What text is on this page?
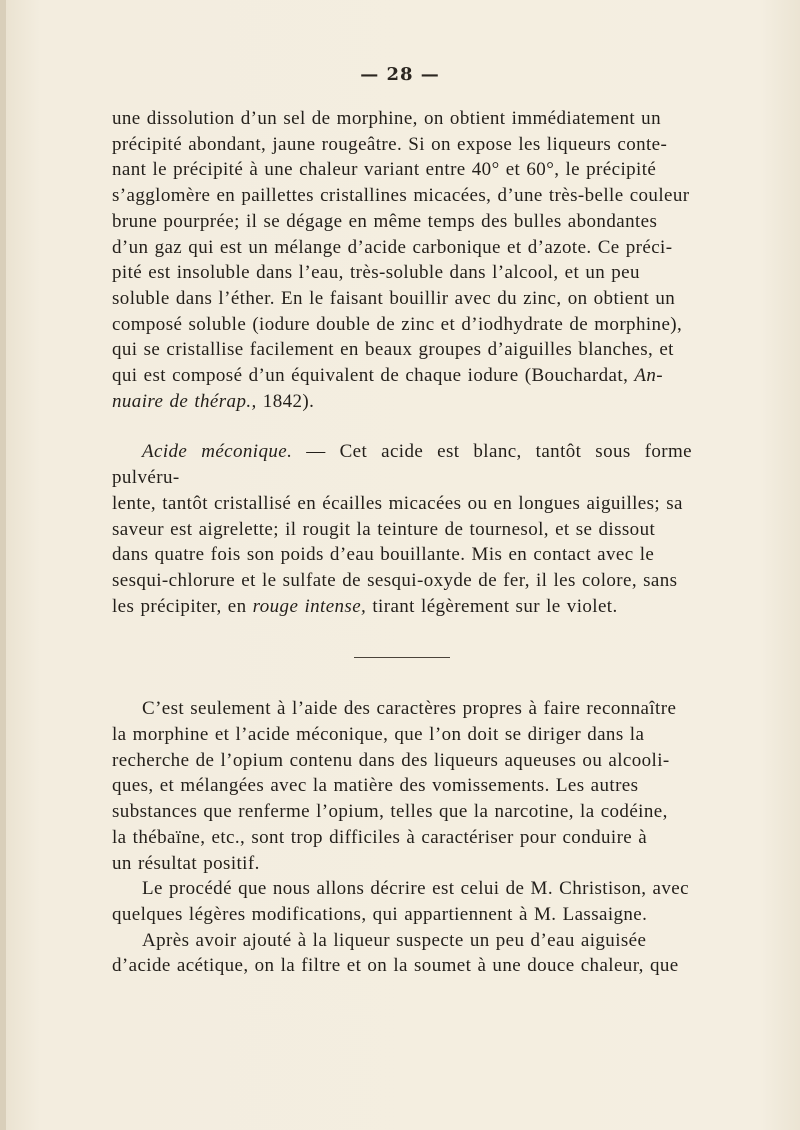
— 28 —

une dissolution d’un sel de morphine, on obtient immédiatement un

précipité abondant, jaune rougeâtre. Si on expose les liqueurs conte-

nant le précipité à une chaleur variant entre 40° et 60°, le précipité

s’agglomère en paillettes cristallines micacées, d’une très-belle couleur

brune pourprée; il se dégage en même temps des bulles abondantes

d’un gaz qui est un mélange d’acide carbonique et d’azote. Ce préci-

pité est insoluble dans l’eau, très-soluble dans l’alcool, et un peu

soluble dans l’éther. En le faisant bouillir avec du zinc, on obtient un

composé soluble (iodure double de zinc et d’iodhydrate de morphine),

qui se cristallise facilement en beaux groupes d’aiguilles blanches, et

qui est composé d’un équivalent de chaque iodure (Bouchardat, An-

nuaire de thérap., 1842).

Acide méconique. — Cet acide est blanc, tantôt sous forme pulvéru-

lente, tantôt cristallisé en écailles micacées ou en longues aiguilles; sa

saveur est aigrelette; il rougit la teinture de tournesol, et se dissout

dans quatre fois son poids d’eau bouillante. Mis en contact avec le

sesqui-chlorure et le sulfate de sesqui-oxyde de fer, il les colore, sans

les précipiter, en rouge intense, tirant légèrement sur le violet.

C’est seulement à l’aide des caractères propres à faire reconnaître

la morphine et l’acide méconique, que l’on doit se diriger dans la

recherche de l’opium contenu dans des liqueurs aqueuses ou alcooli-

ques, et mélangées avec la matière des vomissements. Les autres

substances que renferme l’opium, telles que la narcotine, la codéine,

la thébaïne, etc., sont trop difficiles à caractériser pour conduire à

un résultat positif.

Le procédé que nous allons décrire est celui de M. Christison, avec

quelques légères modifications, qui appartiennent à M. Lassaigne.

Après avoir ajouté à la liqueur suspecte un peu d’eau aiguisée

d’acide acétique, on la filtre et on la soumet à une douce chaleur, que
